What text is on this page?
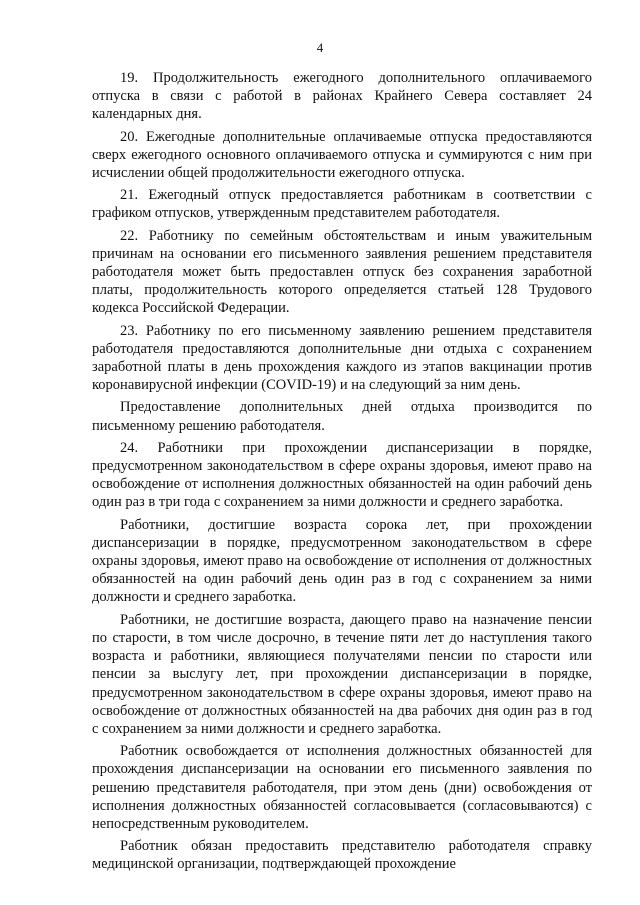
4

19. Продолжительность ежегодного дополнительного оплачиваемого отпуска в связи с работой в районах Крайнего Севера составляет 24 календарных дня.

20. Ежегодные дополнительные оплачиваемые отпуска предоставляются сверх ежегодного основного оплачиваемого отпуска и суммируются с ним при исчислении общей продолжительности ежегодного отпуска.

21. Ежегодный отпуск предоставляется работникам в соответствии с графиком отпусков, утвержденным представителем работодателя.

22. Работнику по семейным обстоятельствам и иным уважительным причинам на основании его письменного заявления решением представителя работодателя может быть предоставлен отпуск без сохранения заработной платы, продолжительность которого определяется статьей 128 Трудового кодекса Российской Федерации.

23. Работнику по его письменному заявлению решением представителя работодателя предоставляются дополнительные дни отдыха с сохранением заработной платы в день прохождения каждого из этапов вакцинации против коронавирусной инфекции (COVID-19) и на следующий за ним день.

Предоставление дополнительных дней отдыха производится по письменному решению работодателя.

24. Работники при прохождении диспансеризации в порядке, предусмотренном законодательством в сфере охраны здоровья, имеют право на освобождение от исполнения должностных обязанностей на один рабочий день один раз в три года с сохранением за ними должности и среднего заработка.

Работники, достигшие возраста сорока лет, при прохождении диспансеризации в порядке, предусмотренном законодательством в сфере охраны здоровья, имеют право на освобождение от исполнения от должностных обязанностей на один рабочий день один раз в год с сохранением за ними должности и среднего заработка.

Работники, не достигшие возраста, дающего право на назначение пенсии по старости, в том числе досрочно, в течение пяти лет до наступления такого возраста и работники, являющиеся получателями пенсии по старости или пенсии за выслугу лет, при прохождении диспансеризации в порядке, предусмотренном законодательством в сфере охраны здоровья, имеют право на освобождение от должностных обязанностей на два рабочих дня один раз в год с сохранением за ними должности и среднего заработка.

Работник освобождается от исполнения должностных обязанностей для прохождения диспансеризации на основании его письменного заявления по решению представителя работодателя, при этом день (дни) освобождения от исполнения должностных обязанностей согласовывается (согласовываются) с непосредственным руководителем.

Работник обязан предоставить представителю работодателя справку медицинской организации, подтверждающей прохождение
